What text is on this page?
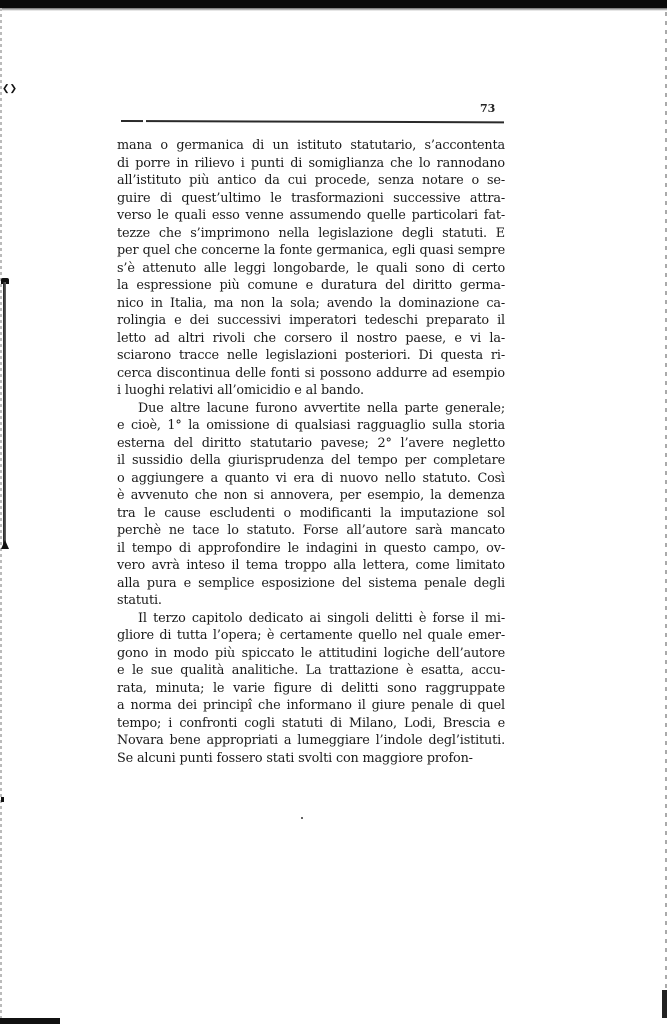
❮❯
73
mana o germanica di un istituto statutario, s’accontenta
di porre in rilievo i punti di somiglianza che lo rannodano
all’istituto più antico da cui procede, senza notare o se-
guire di quest’ultimo le trasformazioni successive attra-
verso le quali esso venne assumendo quelle particolari fat-
tezze che s’imprimono nella legislazione degli statuti. E
per quel che concerne la fonte germanica, egli quasi sempre
s’è attenuto alle leggi longobarde, le quali sono di certo
la espressione più comune e duratura del diritto germa-
nico in Italia, ma non la sola; avendo la dominazione ca-
rolingia e dei successivi imperatori tedeschi preparato il
letto ad altri rivoli che corsero il nostro paese, e vi la-
sciarono tracce nelle legislazioni posteriori. Di questa ri-
cerca discontinua delle fonti si possono addurre ad esempio
i luoghi relativi all’omicidio e al bando.
Due altre lacune furono avvertite nella parte generale;
e cioè, 1° la omissione di qualsiasi ragguaglio sulla storia
esterna del diritto statutario pavese; 2° l’avere negletto
il sussidio della giurisprudenza del tempo per completare
o aggiungere a quanto vi era di nuovo nello statuto. Così
è avvenuto che non si annovera, per esempio, la demenza
tra le cause escludenti o modificanti la imputazione sol
perchè ne tace lo statuto. Forse all’autore sarà mancato
il tempo di approfondire le indagini in questo campo, ov-
vero avrà inteso il tema troppo alla lettera, come limitato
alla pura e semplice esposizione del sistema penale degli
statuti.
Il terzo capitolo dedicato ai singoli delitti è forse il mi-
gliore di tutta l’opera; è certamente quello nel quale emer-
gono in modo più spiccato le attitudini logiche dell’autore
e le sue qualità analitiche. La trattazione è esatta, accu-
rata, minuta; le varie figure di delitti sono raggruppate
a norma dei principî che informano il giure penale di quel
tempo; i confronti cogli statuti di Milano, Lodi, Brescia e
Novara bene appropriati a lumeggiare l’indole degl’istituti.
Se alcuni punti fossero stati svolti con maggiore profon-
